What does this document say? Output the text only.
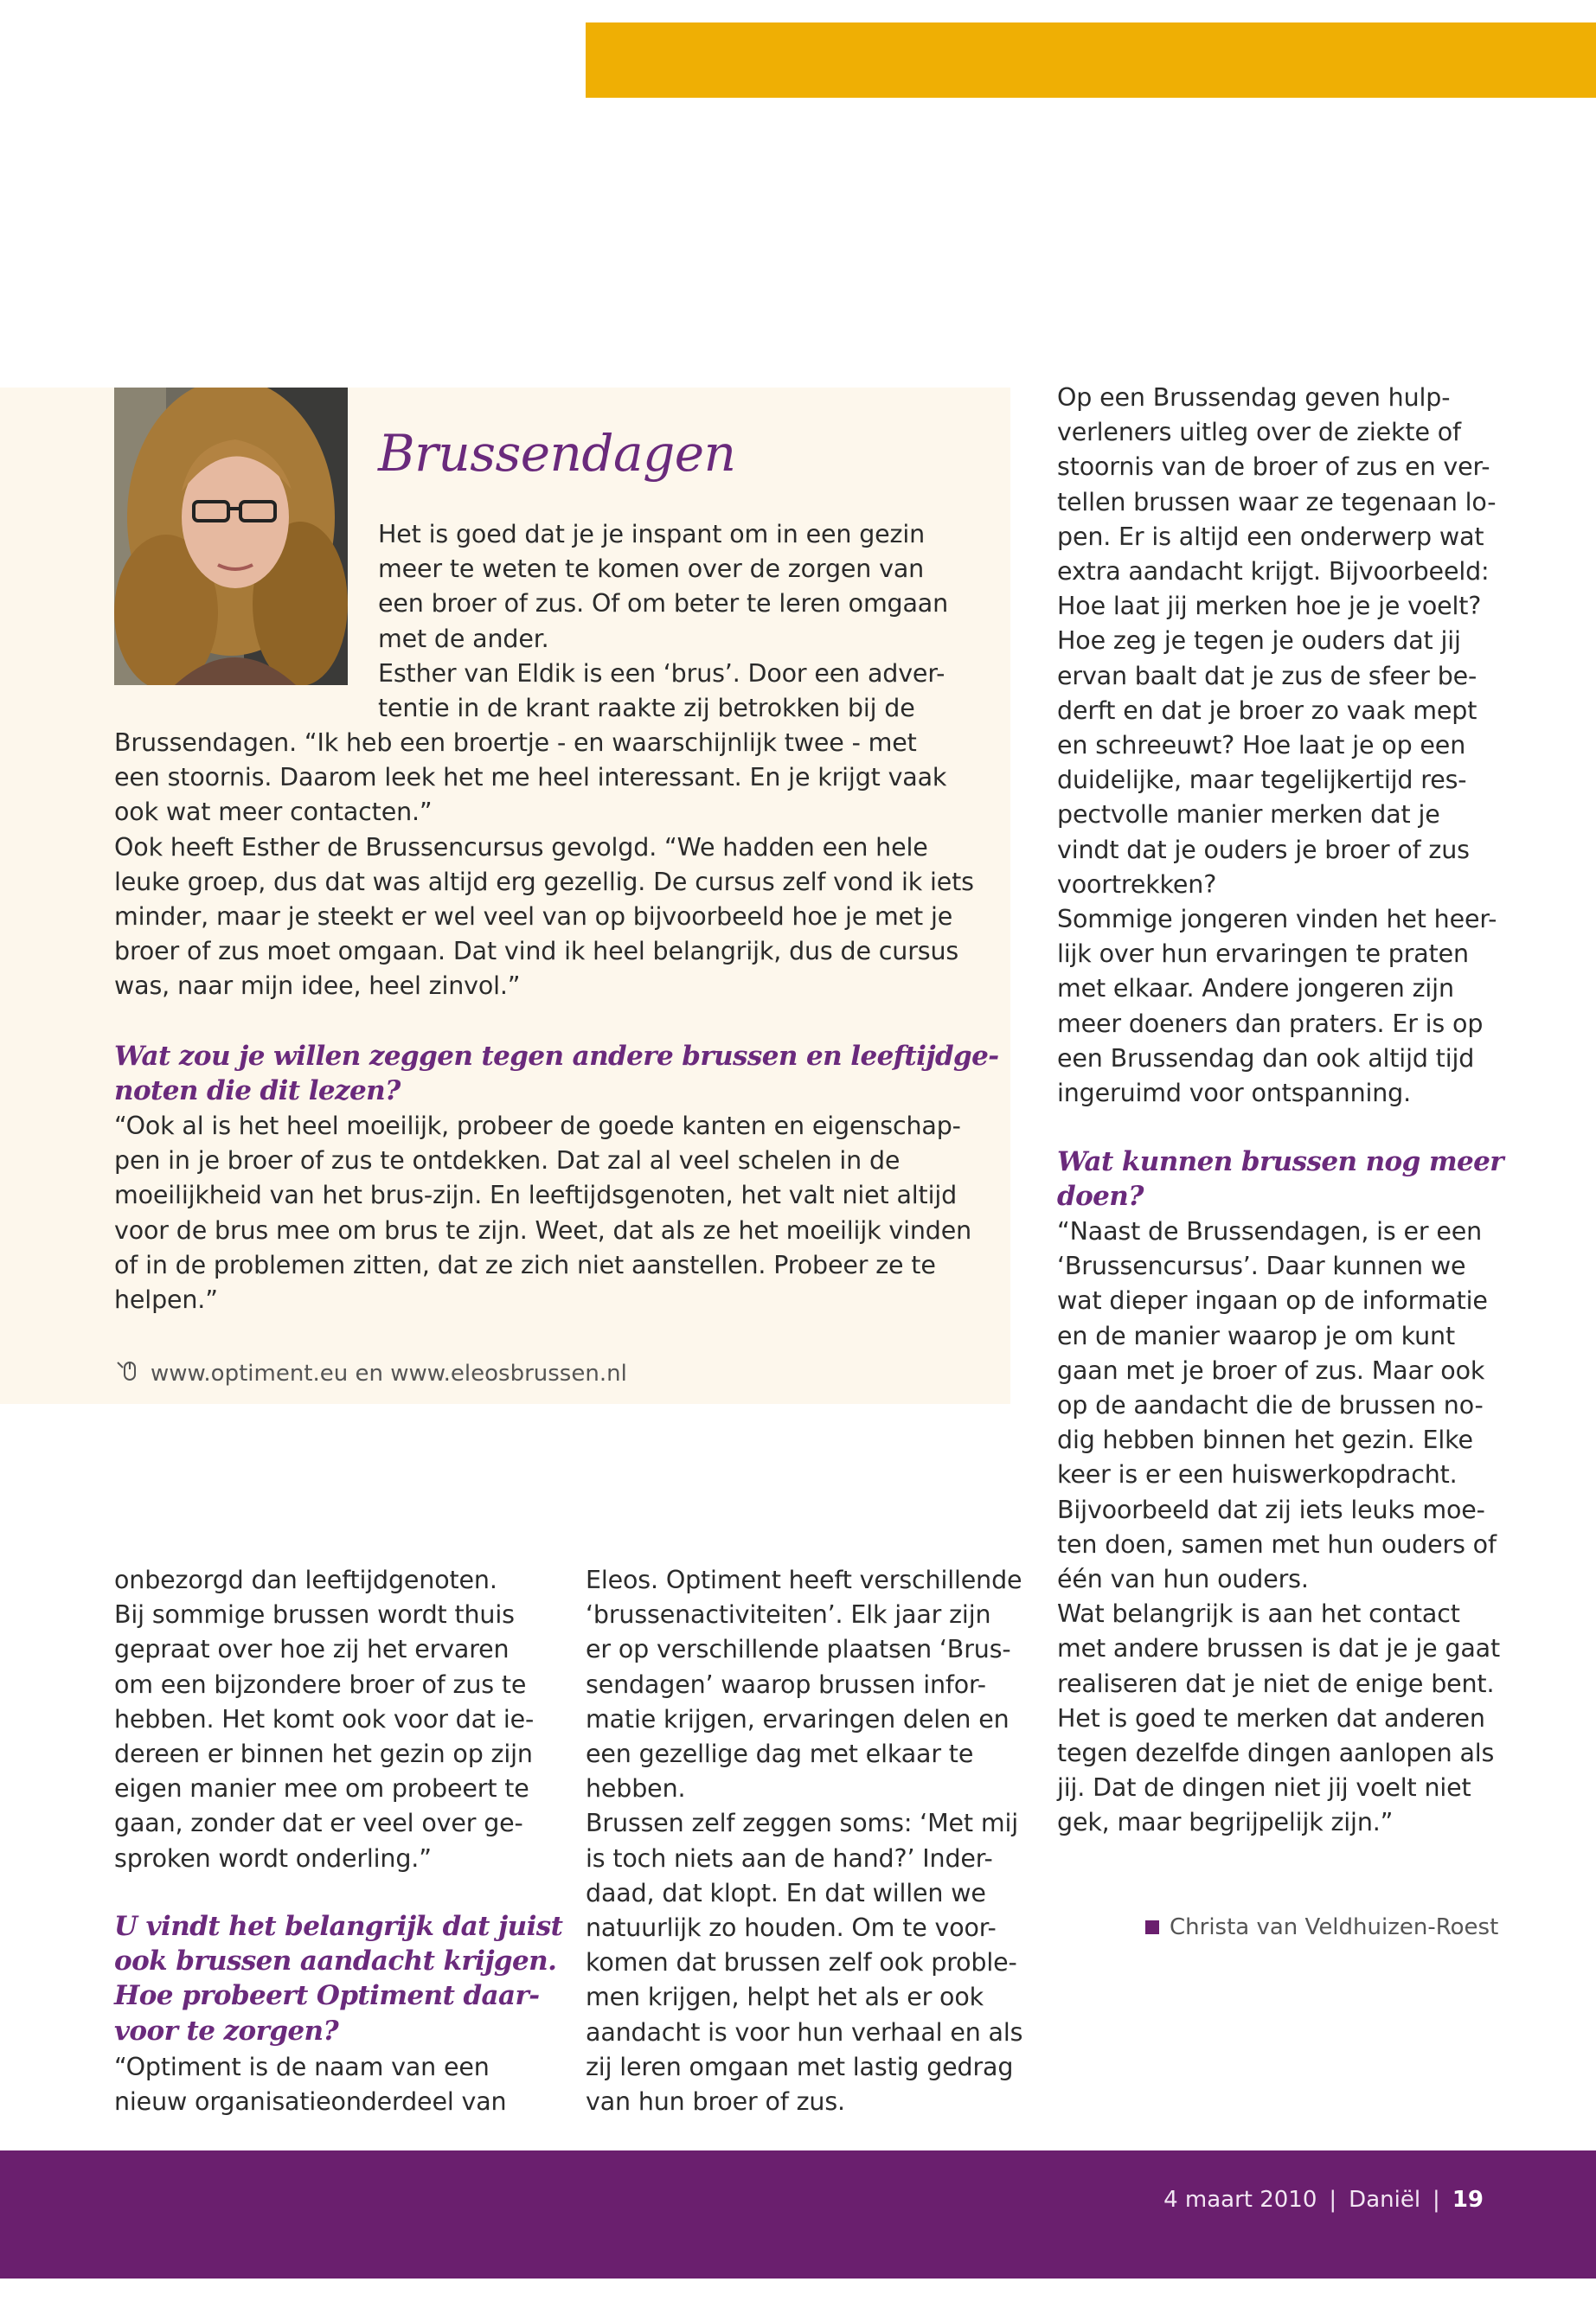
Brussendagen

Het is goed dat je je inspant om in een gezin
meer te weten te komen over de zorgen van
een broer of zus. Of om beter te leren omgaan
met de ander.
Esther van Eldik is een ‘brus’. Door een adver-
tentie in de krant raakte zij betrokken bij de

Brussendagen. “Ik heb een broertje - en waarschijnlijk twee - met
een stoornis. Daarom leek het me heel interessant. En je krijgt vaak
ook wat meer contacten.”
Ook heeft Esther de Brussencursus gevolgd. “We hadden een hele
leuke groep, dus dat was altijd erg gezellig. De cursus zelf vond ik iets
minder, maar je steekt er wel veel van op bijvoorbeeld hoe je met je
broer of zus moet omgaan. Dat vind ik heel belangrijk, dus de cursus
was, naar mijn idee, heel zinvol.”

Wat zou je willen zeggen tegen andere brussen en leeftijdge-
noten die dit lezen?

“Ook al is het heel moeilijk, probeer de goede kanten en eigenschap-
pen in je broer of zus te ontdekken. Dat zal al veel schelen in de
moeilijkheid van het brus-zijn. En leeftijdsgenoten, het valt niet altijd
voor de brus mee om brus te zijn. Weet, dat als ze het moeilijk vinden
of in de problemen zitten, dat ze zich niet aanstellen. Probeer ze te
helpen.”

www.optiment.eu en www.eleosbrussen.nl

onbezorgd dan leeftijdgenoten.
Bij sommige brussen wordt thuis
gepraat over hoe zij het ervaren
om een bijzondere broer of zus te
hebben. Het komt ook voor dat ie-
dereen er binnen het gezin op zijn
eigen manier mee om probeert te
gaan, zonder dat er veel over ge-
sproken wordt onderling.”

U vindt het belangrijk dat juist
ook brussen aandacht krijgen.
Hoe probeert Optiment daar-
voor te zorgen?

“Optiment is de naam van een
nieuw organisatieonderdeel van

Eleos. Optiment heeft verschillende
‘brussenactiviteiten’. Elk jaar zijn
er op verschillende plaatsen ‘Brus-
sendagen’ waarop brussen infor-
matie krijgen, ervaringen delen en
een gezellige dag met elkaar te
hebben.
Brussen zelf zeggen soms: ‘Met mij
is toch niets aan de hand?’ Inder-
daad, dat klopt. En dat willen we
natuurlijk zo houden. Om te voor-
komen dat brussen zelf ook proble-
men krijgen, helpt het als er ook
aandacht is voor hun verhaal en als
zij leren omgaan met lastig gedrag
van hun broer of zus.

Op een Brussendag geven hulp-
verleners uitleg over de ziekte of
stoornis van de broer of zus en ver-
tellen brussen waar ze tegenaan lo-
pen. Er is altijd een onderwerp wat
extra aandacht krijgt. Bijvoorbeeld:
Hoe laat jij merken hoe je je voelt?
Hoe zeg je tegen je ouders dat jij
ervan baalt dat je zus de sfeer be-
derft en dat je broer zo vaak mept
en schreeuwt? Hoe laat je op een
duidelijke, maar tegelijkertijd res-
pectvolle manier merken dat je
vindt dat je ouders je broer of zus
voortrekken?
Sommige jongeren vinden het heer-
lijk over hun ervaringen te praten
met elkaar. Andere jongeren zijn
meer doeners dan praters. Er is op
een Brussendag dan ook altijd tijd
ingeruimd voor ontspanning.

Wat kunnen brussen nog meer
doen?

“Naast de Brussendagen, is er een
‘Brussencursus’. Daar kunnen we
wat dieper ingaan op de informatie
en de manier waarop je om kunt
gaan met je broer of zus. Maar ook
op de aandacht die de brussen no-
dig hebben binnen het gezin. Elke
keer is er een huiswerkopdracht.
Bijvoorbeeld dat zij iets leuks moe-
ten doen, samen met hun ouders of
één van hun ouders.
Wat belangrijk is aan het contact
met andere brussen is dat je je gaat
realiseren dat je niet de enige bent.
Het is goed te merken dat anderen
tegen dezelfde dingen aanlopen als
jij. Dat de dingen niet jij voelt niet
gek, maar begrijpelijk zijn.”

Christa van Veldhuizen-Roest
4 maart 2010 | Daniël | 19
